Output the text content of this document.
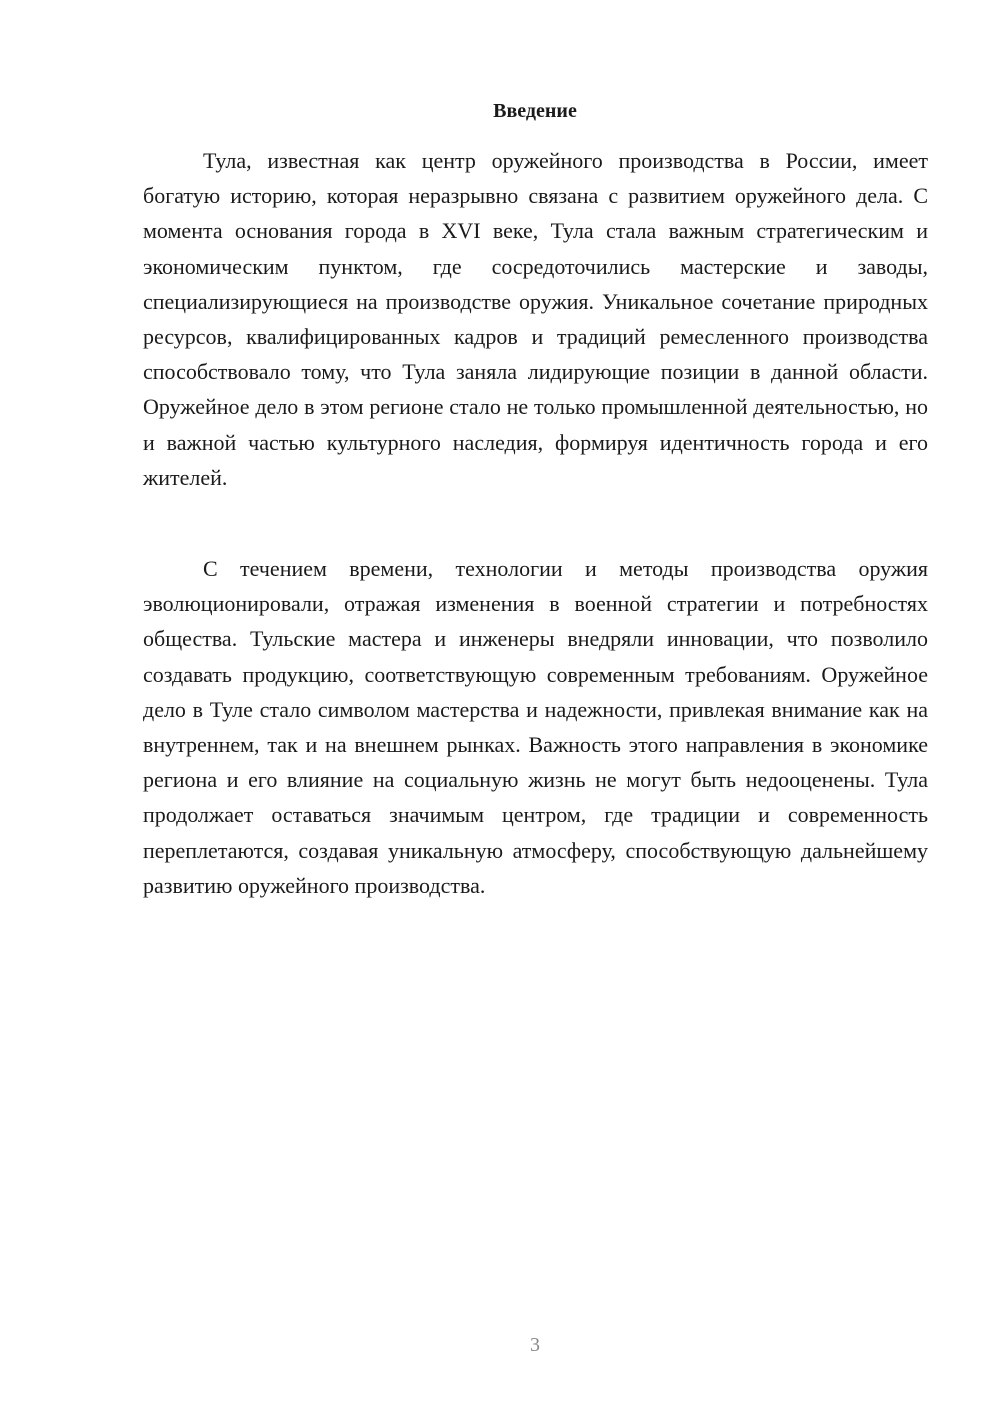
Введение

Тула, известная как центр оружейного производства в России, имеет богатую историю, которая неразрывно связана с развитием оружейного дела. С момента основания города в XVI веке, Тула стала важным стратегическим и экономическим пунктом, где сосредоточились мастерские и заводы, специализирующиеся на производстве оружия. Уникальное сочетание природных ресурсов, квалифицированных кадров и традиций ремесленного производства способствовало тому, что Тула заняла лидирующие позиции в данной области. Оружейное дело в этом регионе стало не только промышленной деятельностью, но и важной частью культурного наследия, формируя идентичность города и его жителей.

С течением времени, технологии и методы производства оружия эволюционировали, отражая изменения в военной стратегии и потребностях общества. Тульские мастера и инженеры внедряли инновации, что позволило создавать продукцию, соответствующую современным требованиям. Оружейное дело в Туле стало символом мастерства и надежности, привлекая внимание как на внутреннем, так и на внешнем рынках. Важность этого направления в экономике региона и его влияние на социальную жизнь не могут быть недооценены. Тула продолжает оставаться значимым центром, где традиции и современность переплетаются, создавая уникальную атмосферу, способствующую дальнейшему развитию оружейного производства.

3
